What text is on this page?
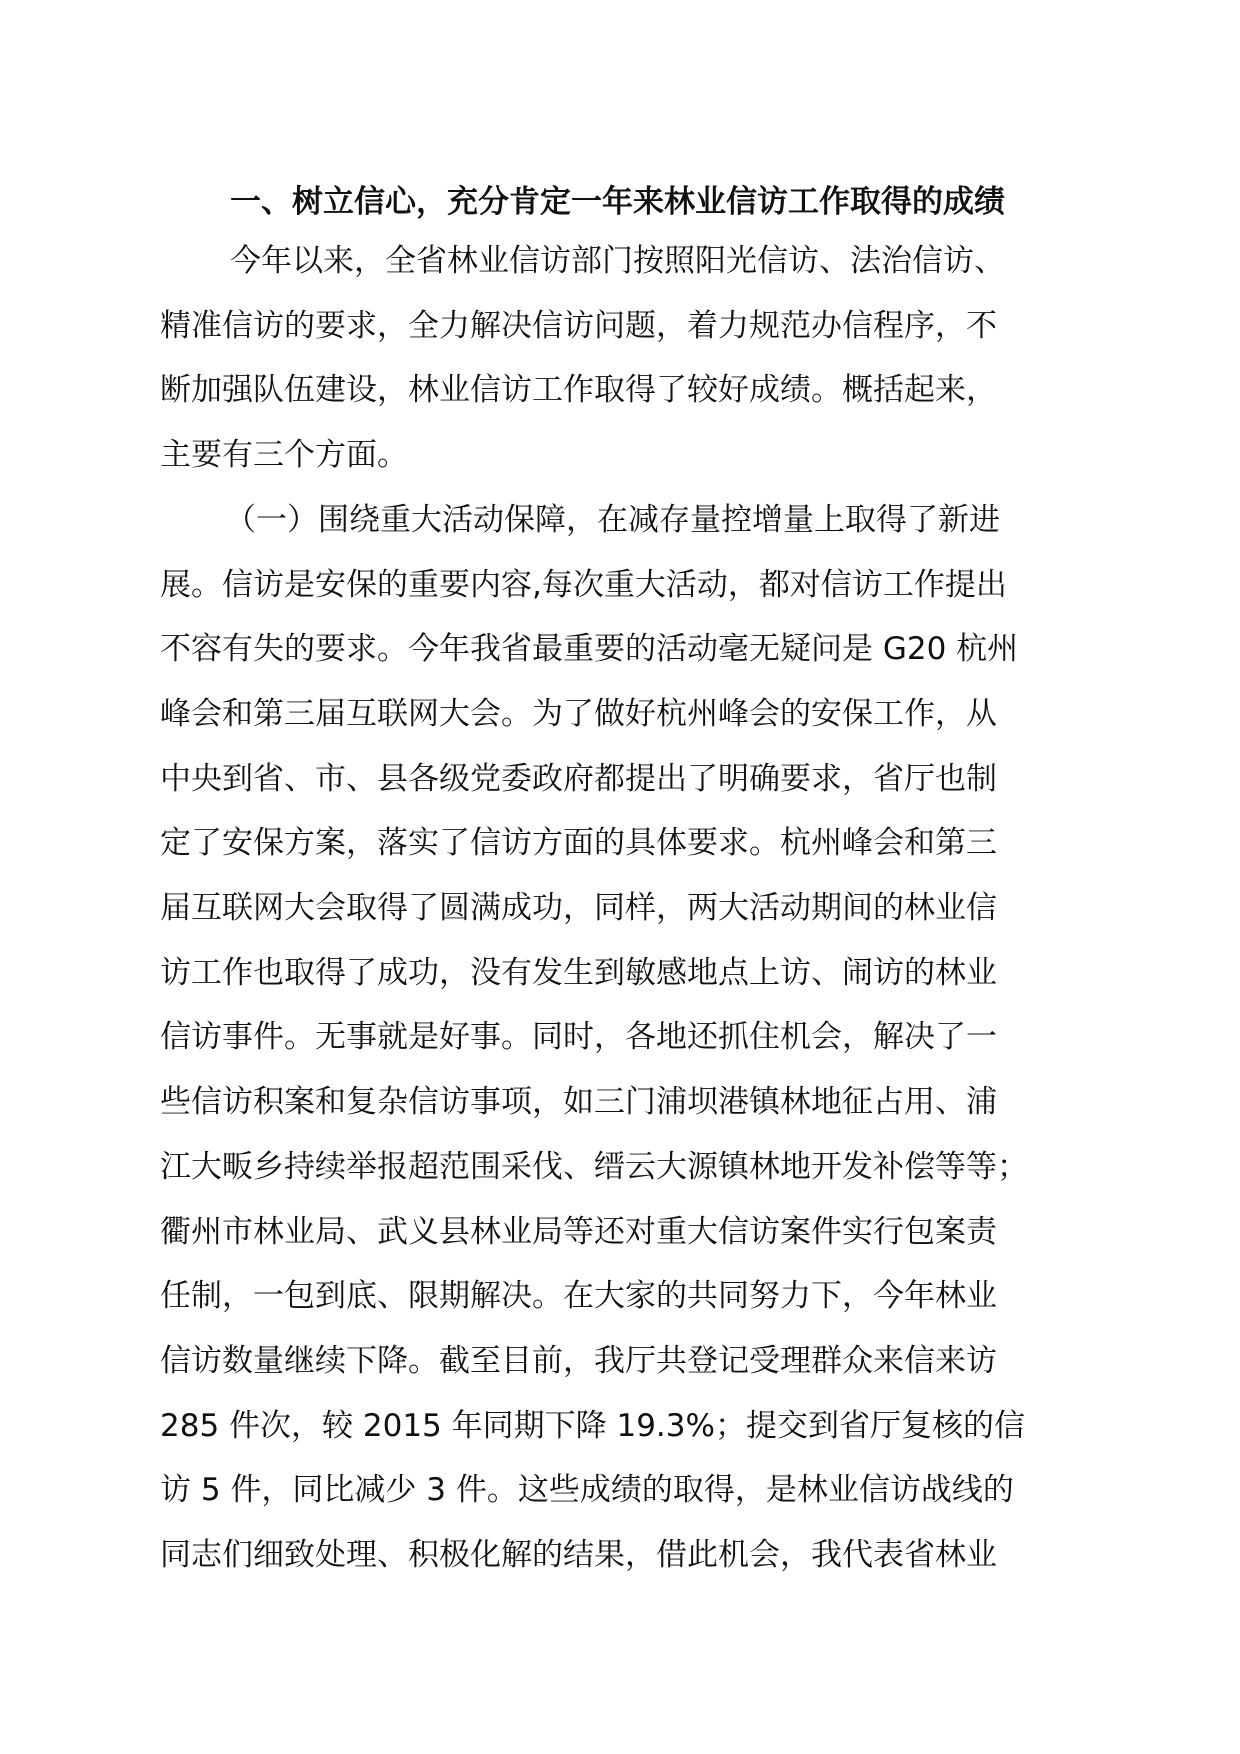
一、树立信心，充分肯定一年来林业信访工作取得的成绩

今年以来，全省林业信访部门按照阳光信访、法治信访、

精准信访的要求，全力解决信访问题，着力规范办信程序，不

断加强队伍建设，林业信访工作取得了较好成绩。概括起来，

主要有三个方面。

（一）围绕重大活动保障，在减存量控增量上取得了新进

展。信访是安保的重要内容,每次重大活动，都对信访工作提出

不容有失的要求。今年我省最重要的活动毫无疑问是 G20 杭州

峰会和第三届互联网大会。为了做好杭州峰会的安保工作，从

中央到省、市、县各级党委政府都提出了明确要求，省厅也制

定了安保方案，落实了信访方面的具体要求。杭州峰会和第三

届互联网大会取得了圆满成功，同样，两大活动期间的林业信

访工作也取得了成功，没有发生到敏感地点上访、闹访的林业

信访事件。无事就是好事。同时，各地还抓住机会，解决了一

些信访积案和复杂信访事项，如三门浦坝港镇林地征占用、浦

江大畈乡持续举报超范围采伐、缙云大源镇林地开发补偿等等；

衢州市林业局、武义县林业局等还对重大信访案件实行包案责

任制，一包到底、限期解决。在大家的共同努力下，今年林业

信访数量继续下降。截至目前，我厅共登记受理群众来信来访

285 件次，较 2015 年同期下降 19.3%；提交到省厅复核的信

访 5 件，同比减少 3 件。这些成绩的取得，是林业信访战线的

同志们细致处理、积极化解的结果，借此机会，我代表省林业
